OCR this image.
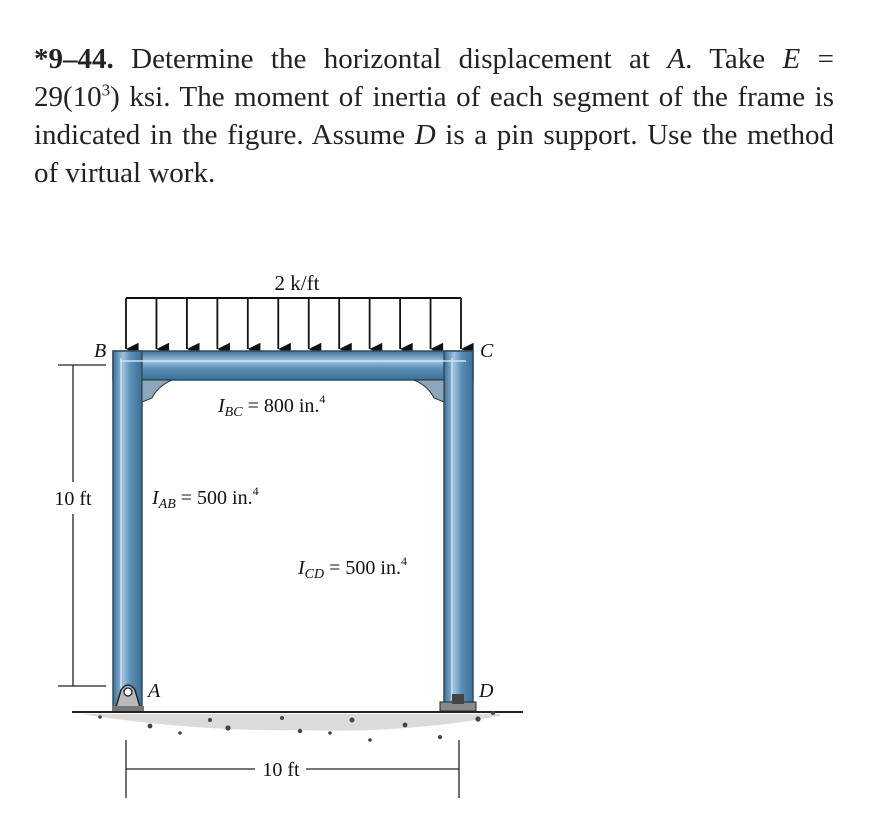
*9–44. Determine the horizontal displacement at A. Take $E = 29(10^3)$ ksi. The moment of inertia of each segment of the frame is indicated in the figure. Assume D is a pin support. Use the method of virtual work.
2 k/ft
B	C
A	D
$I_{BC} = 800$ in.$^4$
$I_{AB} = 500$ in.$^4$
$I_{CD} = 500$ in.$^4$
10 ft
10 ft
